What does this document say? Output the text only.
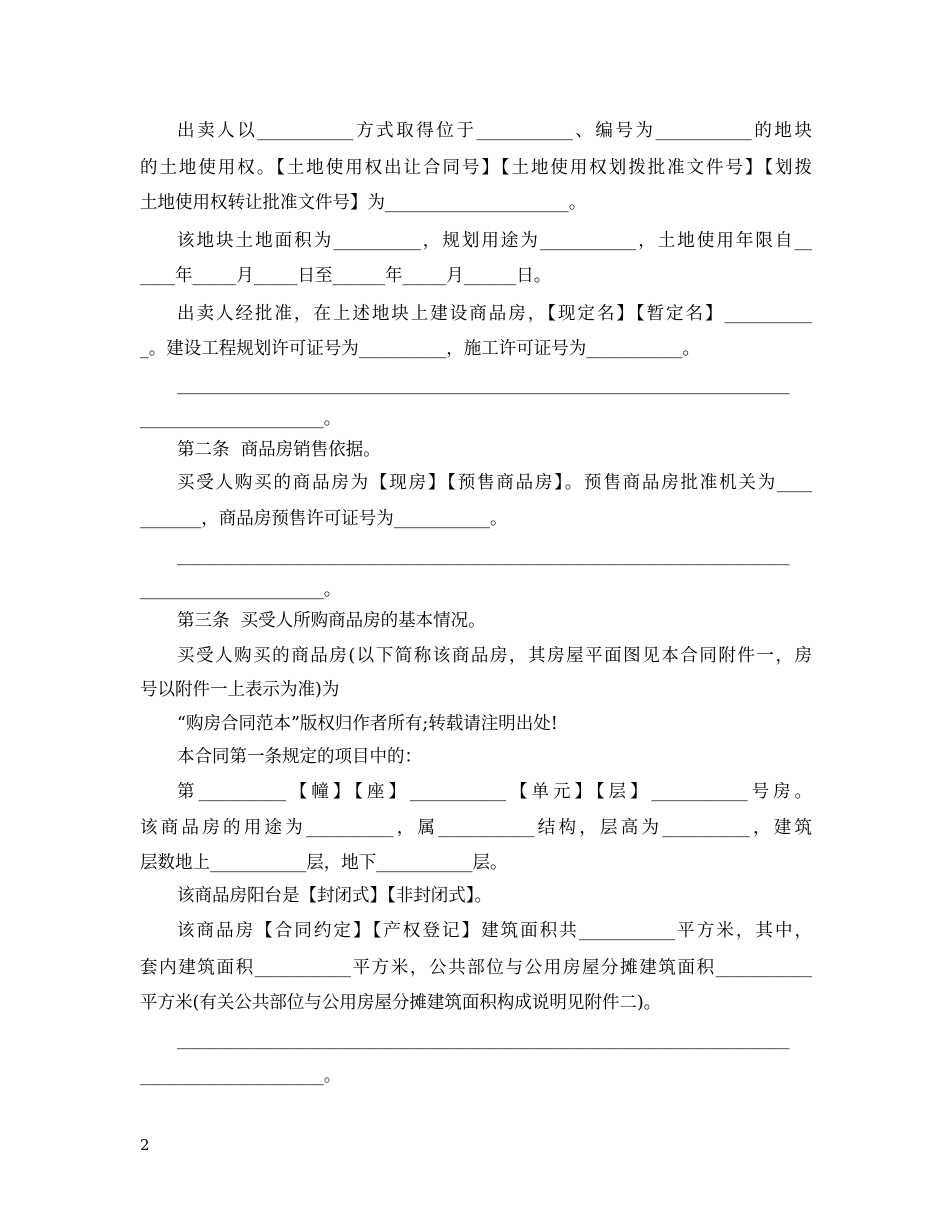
出卖人以___________方式取得位于___________、编号为___________的地块
的土地使用权。【土地使用权出让合同号】【土地使用权划拨批准文件号】【划拨
土地使用权转让批准文件号】为_____________________。
该地块土地面积为__________，规划用途为___________，土地使用年限自__
____年_____月_____日至______年_____月______日。
出卖人经批准，在上述地块上建设商品房，【现定名】【暂定名】__________
_。建设工程规划许可证号为__________，施工许可证号为___________。
______________________________________________________________________
_____________________。
第二条  商品房销售依据。
买受人购买的商品房为【现房】【预售商品房】。预售商品房批准机关为____
_______，商品房预售许可证号为___________。
______________________________________________________________________
_____________________。
第三条  买受人所购商品房的基本情况。
买受人购买的商品房(以下简称该商品房，其房屋平面图见本合同附件一，房
号以附件一上表示为准)为
“购房合同范本”版权归作者所有;转载请注明出处!
本合同第一条规定的项目中的：
第__________【幢】【座】___________【单元】【层】___________号房。
该商品房的用途为__________，属___________结构，层高为__________，建筑
层数地上___________层，地下___________层。
该商品房阳台是【封闭式】【非封闭式】。
该商品房【合同约定】【产权登记】建筑面积共___________平方米，其中，
套内建筑面积___________平方米，公共部位与公用房屋分摊建筑面积___________
平方米(有关公共部位与公用房屋分摊建筑面积构成说明见附件二)。
______________________________________________________________________
_____________________。
2
